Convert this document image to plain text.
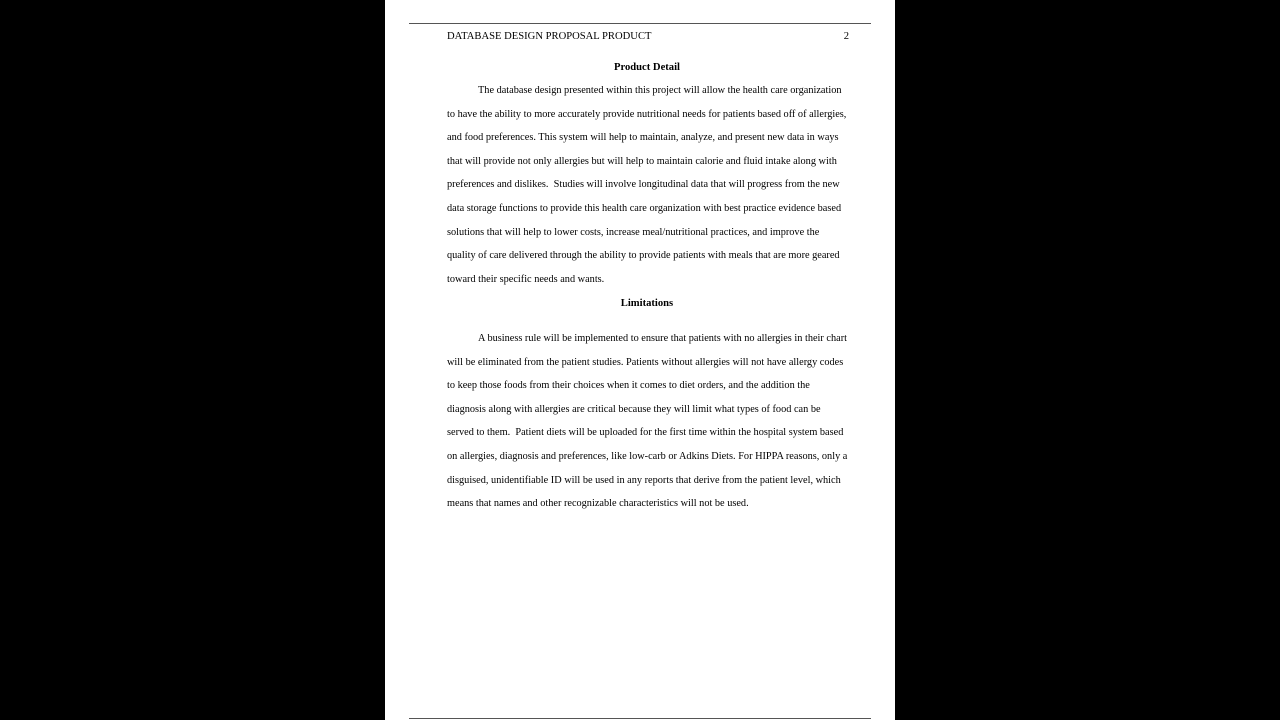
DATABASE DESIGN PROPOSAL PRODUCT	2
Product Detail
The database design presented within this project will allow the health care organization
to have the ability to more accurately provide nutritional needs for patients based off of allergies,
and food preferences. This system will help to maintain, analyze, and present new data in ways
that will provide not only allergies but will help to maintain calorie and fluid intake along with
preferences and dislikes.  Studies will involve longitudinal data that will progress from the new
data storage functions to provide this health care organization with best practice evidence based
solutions that will help to lower costs, increase meal/nutritional practices, and improve the
quality of care delivered through the ability to provide patients with meals that are more geared
toward their specific needs and wants.
Limitations
A business rule will be implemented to ensure that patients with no allergies in their chart
will be eliminated from the patient studies. Patients without allergies will not have allergy codes
to keep those foods from their choices when it comes to diet orders, and the addition the
diagnosis along with allergies are critical because they will limit what types of food can be
served to them.  Patient diets will be uploaded for the first time within the hospital system based
on allergies, diagnosis and preferences, like low-carb or Adkins Diets. For HIPPA reasons, only a
disguised, unidentifiable ID will be used in any reports that derive from the patient level, which
means that names and other recognizable characteristics will not be used.
